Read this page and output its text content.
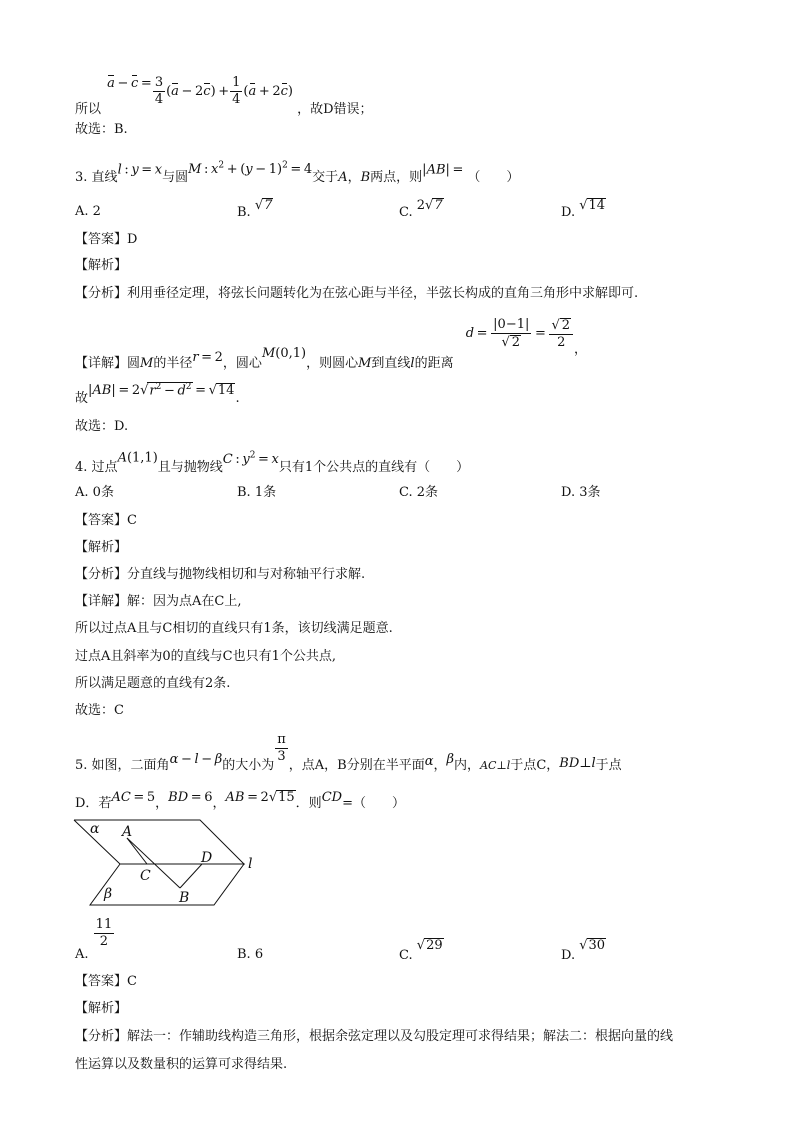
所以
$a - c = \frac{3}{4}$ ( a  − 2 c ) + $\frac{1}{4}$ ( a  + 2 c )
，故D错误；
故选：B.
3. 直线l : y = x与圆M : $x^2 + (y - 1)^2 = 4$交于A，B两点，则|AB| =（　　）
A. 2	B. √7	C. 2√7	D. √14
【答案】D
【解析】
【分析】利用垂径定理，将弦长问题转化为在弦心距与半径，半弦长构成的直角三角形中求解即可.
【详解】圆M的半径r = 2，圆心M(0,1)，则圆心M到直线l的距离 $d = \frac{|0-1|}{√ 2} = \frac{√ 2}{2}$
，
故$|AB| = 2√r^2 - d^2 = √14$.
故选：D.
4. 过点A(1,1)且与抛物线C : $y^2 = x$只有1个公共点的直线有（　　）
A. 0条	B. 1条	C. 2条	D. 3条
【答案】C
【解析】
【分析】分直线与抛物线相切和与对称轴平行求解.
【详解】解：因为点A在C上,
所以过点A且与C相切的直线只有1条，该切线满足题意.
过点A且斜率为0的直线与C也只有1个公共点,
所以满足题意的直线有2条.
故选：C
5. 如图，二面角α − l − β的大小为
$\frac{\pi}{3}$
，点A，B分别在半平面α，β内，$_{AC\perp l}$于点C，BD⊥l于点
D．若AC = 5，BD = 6，AB = 2√15．则CD=（　　）
α A
D
C
B
β
l
A.
$\frac{11}{2}$
B. 6	C. √29
D. √30
【答案】C
【解析】
【分析】解法一：作辅助线构造三角形，根据余弦定理以及勾股定理可求得结果；解法二：根据向量的线
性运算以及数量积的运算可求得结果.
